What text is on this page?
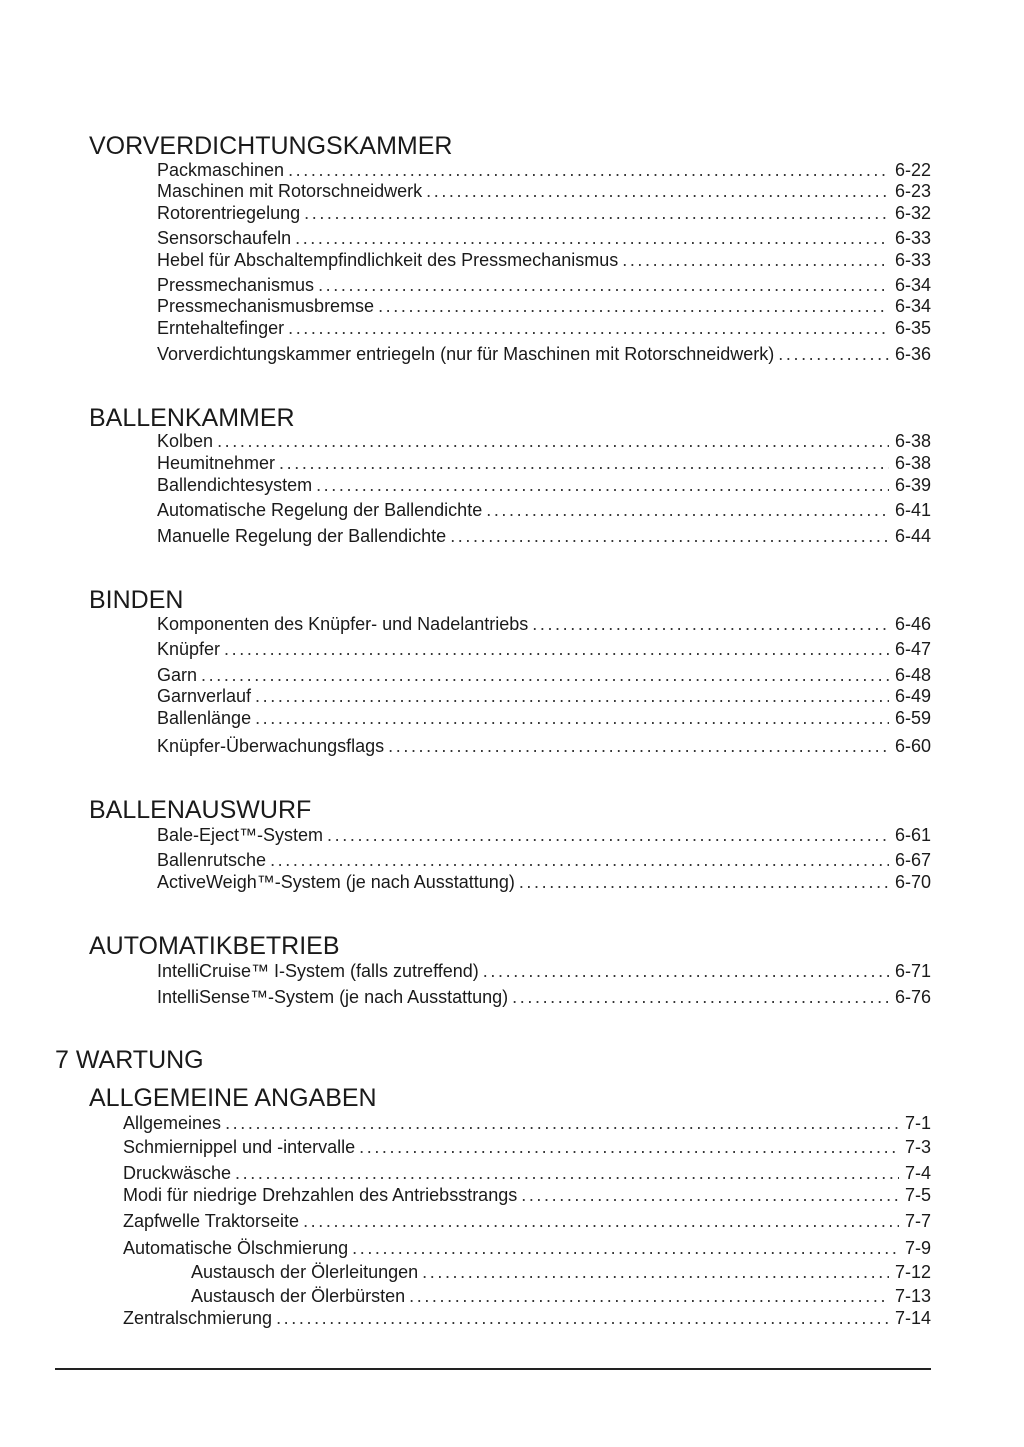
VORVERDICHTUNGSKAMMER
Packmaschinen . . .	6-22
Maschinen mit Rotorschneidwerk . . .	6-23
Rotorentriegelung . . .	6-32
Sensorschaufeln . . .	6-33
Hebel für Abschaltempfindlichkeit des Pressmechanismus . . .	6-33
Pressmechanismus . . .	6-34
Pressmechanismusbremse . . .	6-34
Erntehaltefinger . . .	6-35
Vorverdichtungskammer entriegeln (nur für Maschinen mit Rotorschneidwerk) . . .	6-36
BALLENKAMMER
Kolben . . .	6-38
Heumitnehmer . . .	6-38
Ballendichtesystem . . .	6-39
Automatische Regelung der Ballendichte . . .	6-41
Manuelle Regelung der Ballendichte . . .	6-44
BINDEN
Komponenten des Knüpfer- und Nadelantriebs . . .	6-46
Knüpfer . . .	6-47
Garn . . .	6-48
Garnverlauf . . .	6-49
Ballenlänge . . .	6-59
Knüpfer-Überwachungsflags . . .	6-60
BALLENAUSWURF
Bale-Eject™-System . . .	6-61
Ballenrutsche . . .	6-67
ActiveWeigh™-System (je nach Ausstattung) . . .	6-70
AUTOMATIKBETRIEB
IntelliCruise™ I-System (falls zutreffend) . . .	6-71
IntelliSense™-System (je nach Ausstattung) . . .	6-76
7 WARTUNG
ALLGEMEINE ANGABEN
Allgemeines . . .	7-1
Schmiernippel und -intervalle . . .	7-3
Druckwäsche . . .	7-4
Modi für niedrige Drehzahlen des Antriebsstrangs . . .	7-5
Zapfwelle Traktorseite . . .	7-7
Automatische Ölschmierung . . .	7-9
Austausch der Ölerleitungen . . .	7-12
Austausch der Ölerbürsten . . .	7-13
Zentralschmierung . . .	7-14
